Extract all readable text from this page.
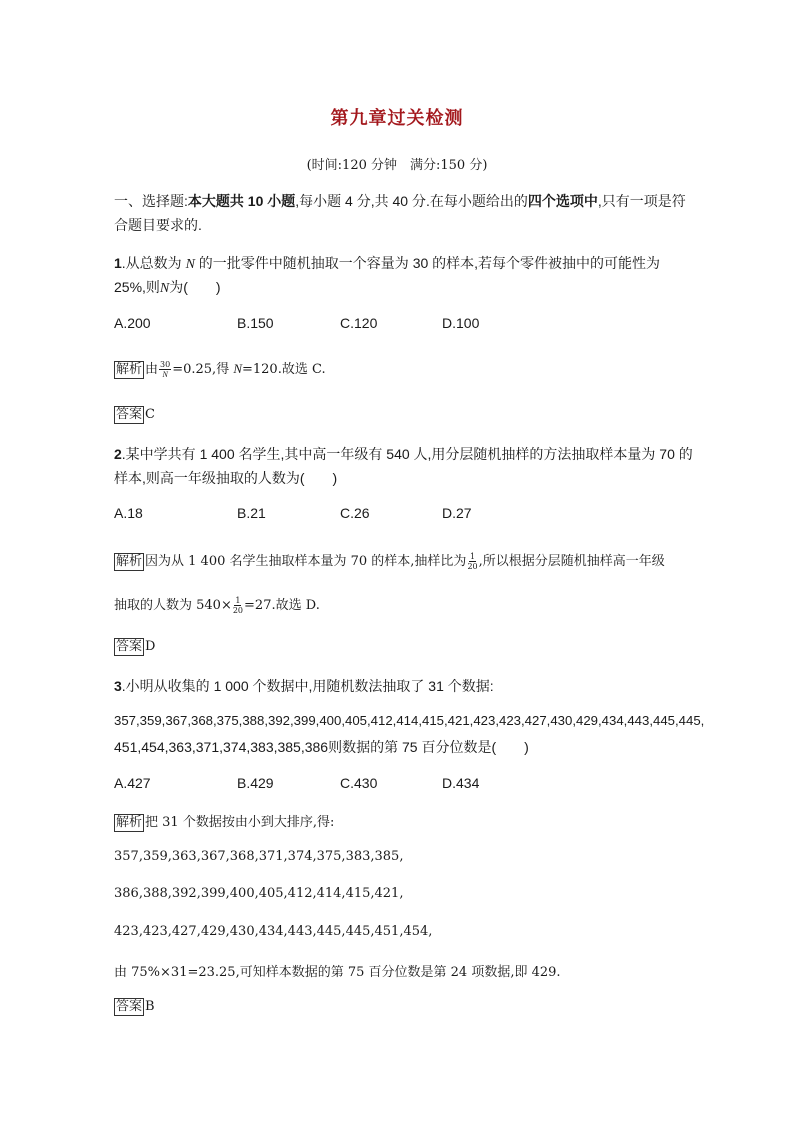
第九章过关检测
(时间:120 分钟　满分:150 分)
一、选择题:本大题共 10 小题,每小题 4 分,共 40 分.在每小题给出的四个选项中,只有一项是符
合题目要求的.
1.从总数为 N 的一批零件中随机抽取一个容量为 30 的样本,若每个零件被抽中的可能性为
25%,则N为(　　)
A.200	B.150	C.120	D.100
解析 由 $\frac{30}{N} =0.25$,得 N=120.故选 C.
答案 C
2.某中学共有 1 400 名学生,其中高一年级有 540 人,用分层随机抽样的方法抽取样本量为 70 的
样本,则高一年级抽取的人数为(　　)
A.18	B.21	C.26	D.27
解析 因为从 1 400 名学生抽取样本量为 70 的样本,抽样比为 $\frac{1}{20}$ ,所以根据分层随机抽样高一年级
抽取的人数为 $540\times \frac{1}{20} =27$.故选 D.
答案 D
3.小明从收集的 1 000 个数据中,用随机数法抽取了 31 个数据:
357,359,367,368,375,388,392,399,400,405,412,414,415,421,423,423,427,430,429,434,443,445,445,
451,454,363,371,374,383,385,386则数据的第 75 百分位数是(　　)
A.427	B.429	C.430	D.434
解析 把 31 个数据按由小到大排序,得:
357,359,363,367,368,371,374,375,383,385,
386,388,392,399,400,405,412,414,415,421,
423,423,427,429,430,434,443,445,445,451,454,
由 75%×31=23.25,可知样本数据的第 75 百分位数是第 24 项数据,即 429.
答案 B
